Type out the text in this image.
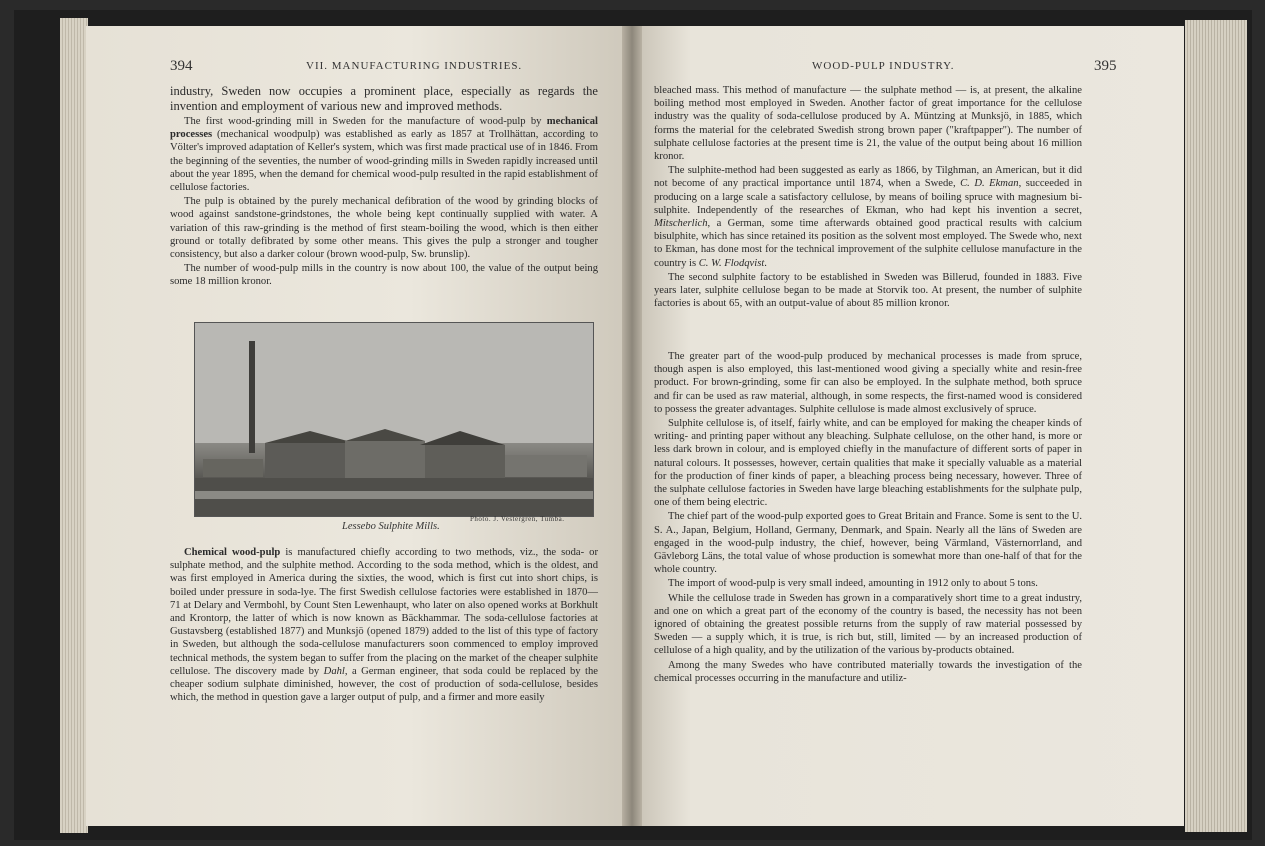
394	VII. MANUFACTURING INDUSTRIES.

industry, Sweden now occupies a prominent place, especially as regards the invention and employment of various new and improved methods.

The first wood-grinding mill in Sweden for the manufacture of wood-pulp by mechanical processes (mechanical woodpulp) was established as early as 1857 at Trollhättan, according to Völter's improved adaptation of Keller's system, which was first made practical use of in 1846. From the beginning of the seventies, the number of wood-grinding mills in Sweden rapidly increased until about the year 1895, when the demand for chemical wood-pulp resulted in the rapid establishment of cellulose factories.

The pulp is obtained by the purely mechanical defibration of the wood by grinding blocks of wood against sandstone-grindstones, the whole being kept continually supplied with water. A variation of this raw-grinding is the method of first steam-boiling the wood, which is then either ground or totally defibrated by some other means. This gives the pulp a stronger and tougher consistency, but also a darker colour (brown wood-pulp, Sw. brunslip).

The number of wood-pulp mills in the country is now about 100, the value of the output being some 18 million kronor.

Photo. J. Vestergren, Tumba.
Lessebo Sulphite Mills.

Chemical wood-pulp is manufactured chiefly according to two methods, viz., the soda- or sulphate method, and the sulphite method. According to the soda method, which is the oldest, and was first employed in America during the sixties, the wood, which is first cut into short chips, is boiled under pressure in soda-lye. The first Swedish cellulose factories were established in 1870—71 at Delary and Vermbohl, by Count Sten Lewenhaupt, who later on also opened works at Borkhult and Krontorp, the latter of which is now known as Bäckhammar. The soda-cellulose factories at Gustavsberg (established 1877) and Munksjö (opened 1879) added to the list of this type of factory in Sweden, but although the soda-cellulose manufacturers soon commenced to employ improved technical methods, the system began to suffer from the placing on the market of the cheaper sulphite cellulose. The discovery made by Dahl, a German engineer, that soda could be replaced by the cheaper sodium sulphate diminished, however, the cost of production of soda-cellulose, besides which, the method in question gave a larger output of pulp, and a firmer and more easily

WOOD-PULP INDUSTRY.	395

bleached mass. This method of manufacture — the sulphate method — is, at present, the alkaline boiling method most employed in Sweden. Another factor of great importance for the cellulose industry was the quality of soda-cellulose produced by A. Müntzing at Munksjö, in 1885, which forms the material for the celebrated Swedish strong brown paper ("kraftpapper"). The number of sulphate cellulose factories at the present time is 21, the value of the output being about 16 million kronor.

The sulphite-method had been suggested as early as 1866, by Tilghman, an American, but it did not become of any practical importance until 1874, when a Swede, C. D. Ekman, succeeded in producing on a large scale a satisfactory cellulose, by means of boiling spruce with magnesium bi-sulphite. Independently of the researches of Ekman, who had kept his invention a secret, Mitscherlich, a German, some time afterwards obtained good practical results with calcium bisulphite, which has since retained its position as the solvent most employed. The Swede who, next to Ekman, has done most for the technical improvement of the sulphite cellulose manufacture in the country is C. W. Flodqvist.

The second sulphite factory to be established in Sweden was Billerud, founded in 1883. Five years later, sulphite cellulose began to be made at Storvik too. At present, the number of sulphite factories is about 65, with an output-value of about 85 million kronor.

The greater part of the wood-pulp produced by mechanical processes is made from spruce, though aspen is also employed, this last-mentioned wood giving a specially white and resin-free product. For brown-grinding, some fir can also be employed. In the sulphate method, both spruce and fir can be used as raw material, although, in some respects, the first-named wood is considered to possess the greater advantages. Sulphite cellulose is made almost exclusively of spruce.

Sulphite cellulose is, of itself, fairly white, and can be employed for making the cheaper kinds of writing- and printing paper without any bleaching. Sulphate cellulose, on the other hand, is more or less dark brown in colour, and is employed chiefly in the manufacture of different sorts of paper in natural colours. It possesses, however, certain qualities that make it specially valuable as a material for the production of finer kinds of paper, a bleaching process being necessary, however. Three of the sulphate cellulose factories in Sweden have large bleaching establishments for the sulphate pulp, one of them being electric.

The chief part of the wood-pulp exported goes to Great Britain and France. Some is sent to the U. S. A., Japan, Belgium, Holland, Germany, Denmark, and Spain. Nearly all the läns of Sweden are engaged in the wood-pulp industry, the chief, however, being Värmland, Västernorrland, and Gävleborg Läns, the total value of whose production is somewhat more than one-half of that for the whole country.

The import of wood-pulp is very small indeed, amounting in 1912 only to about 5 tons.

While the cellulose trade in Sweden has grown in a comparatively short time to a great industry, and one on which a great part of the economy of the country is based, the necessity has not been ignored of obtaining the greatest possible returns from the supply of raw material possessed by Sweden — a supply which, it is true, is rich but, still, limited — by an increased production of cellulose of a high quality, and by the utilization of the various by-products obtained.

Among the many Swedes who have contributed materially towards the investigation of the chemical processes occurring in the manufacture and utiliz-
